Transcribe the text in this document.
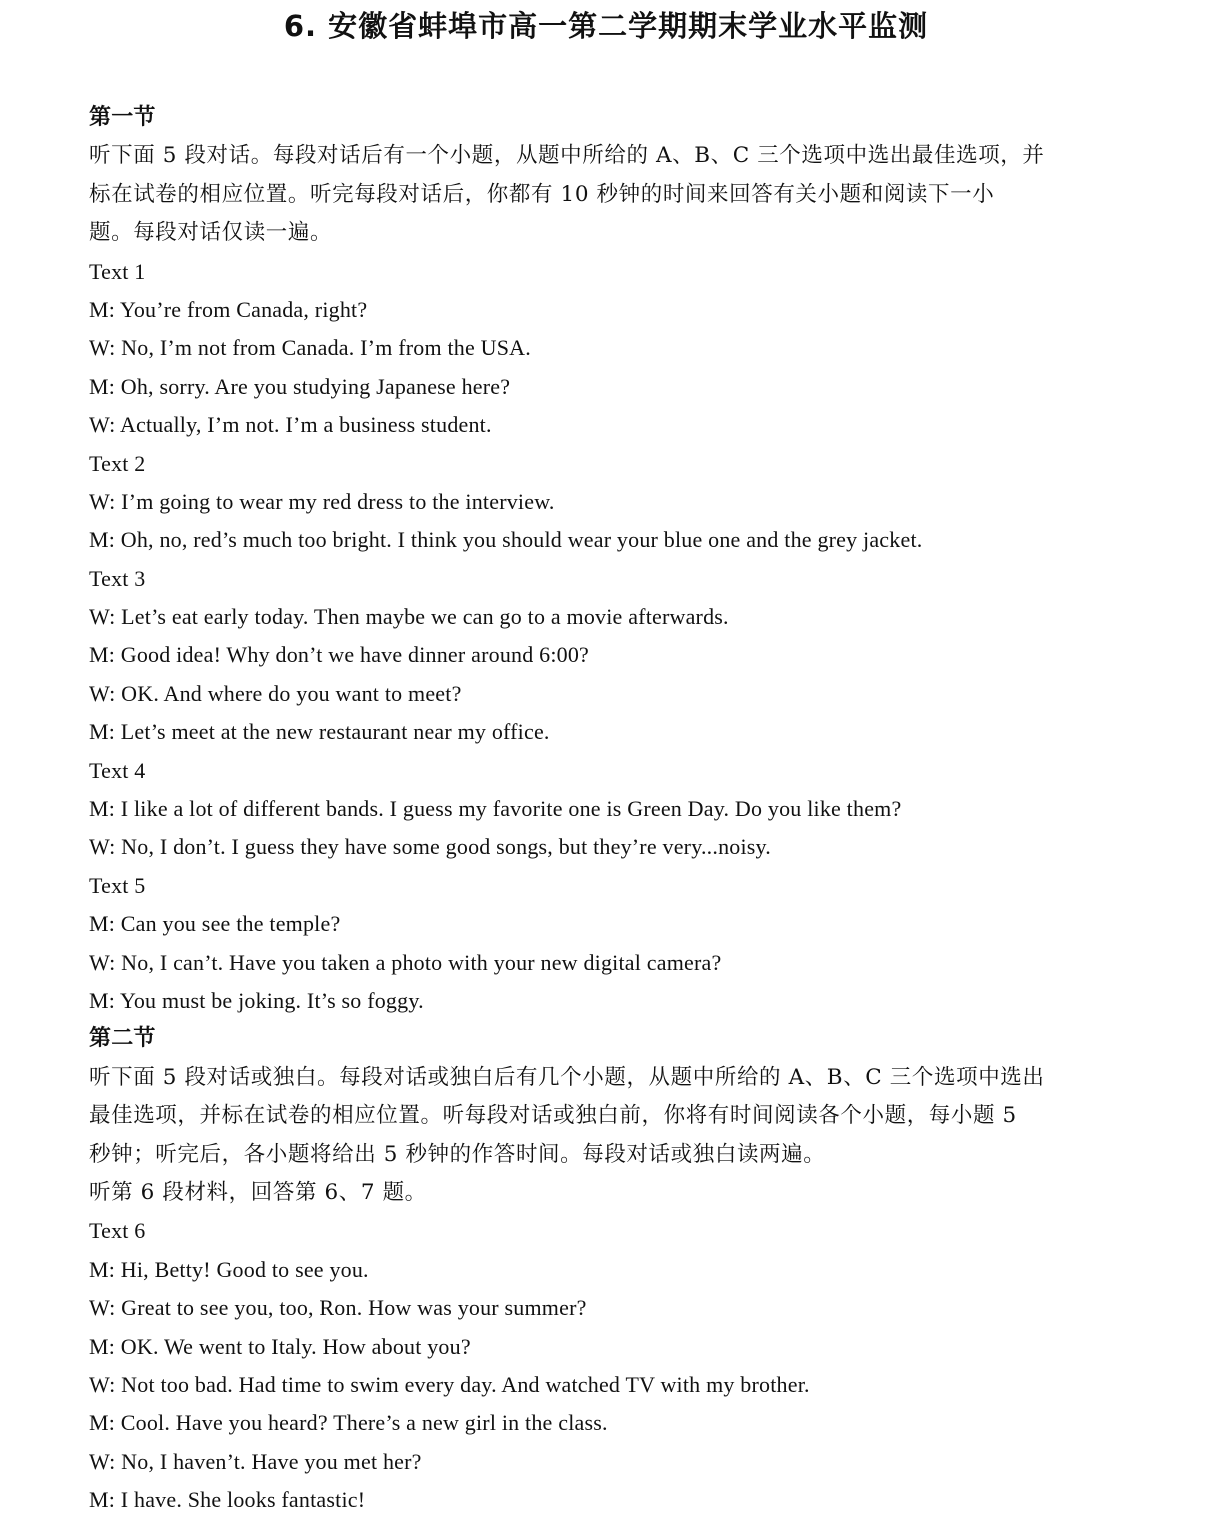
6. 安徽省蚌埠市高一第二学期期末学业水平监测
第一节
听下面 5 段对话。每段对话后有一个小题，从题中所给的 A、B、C 三个选项中选出最佳选项，并
标在试卷的相应位置。听完每段对话后，你都有 10 秒钟的时间来回答有关小题和阅读下一小
题。每段对话仅读一遍。
Text 1
M: You’re from Canada, right?
W: No, I’m not from Canada. I’m from the USA.
M: Oh, sorry. Are you studying Japanese here?
W: Actually, I’m not. I’m a business student.
Text 2
W: I’m going to wear my red dress to the interview.
M: Oh, no, red’s much too bright. I think you should wear your blue one and the grey jacket.
Text 3
W: Let’s eat early today. Then maybe we can go to a movie afterwards.
M: Good idea! Why don’t we have dinner around 6:00?
W: OK. And where do you want to meet?
M: Let’s meet at the new restaurant near my office.
Text 4
M: I like a lot of different bands. I guess my favorite one is Green Day. Do you like them?
W: No, I don’t. I guess they have some good songs, but they’re very...noisy.
Text 5
M: Can you see the temple?
W: No, I can’t. Have you taken a photo with your new digital camera?
M: You must be joking. It’s so foggy.
第二节
听下面 5 段对话或独白。每段对话或独白后有几个小题，从题中所给的 A、B、C 三个选项中选出
最佳选项，并标在试卷的相应位置。听每段对话或独白前，你将有时间阅读各个小题，每小题 5
秒钟；听完后，各小题将给出 5 秒钟的作答时间。每段对话或独白读两遍。
听第 6 段材料，回答第 6、7 题。
Text 6
M: Hi, Betty! Good to see you.
W: Great to see you, too, Ron. How was your summer?
M: OK. We went to Italy. How about you?
W: Not too bad. Had time to swim every day. And watched TV with my brother.
M: Cool. Have you heard? There’s a new girl in the class.
W: No, I haven’t. Have you met her?
M: I have. She looks fantastic!
